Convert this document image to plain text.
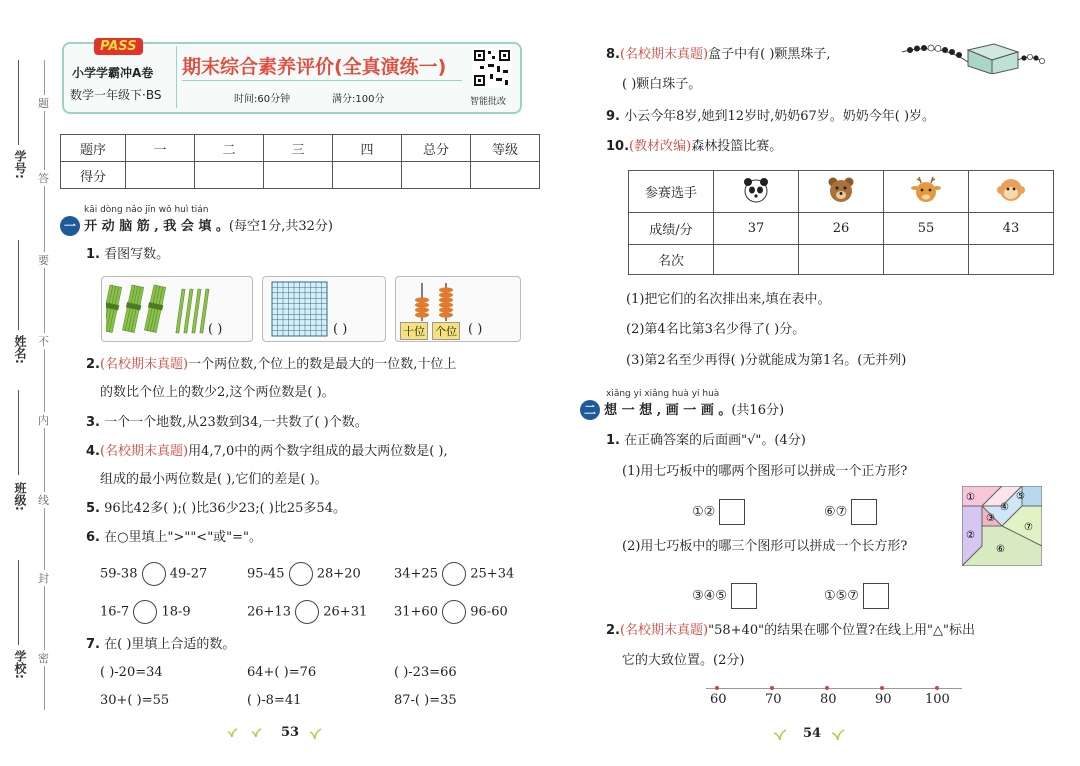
学号:
姓名:
班级:
学校:
题
答
要
不
内
线
封
密
PASS
小学学霸冲A卷
数学一年级下·BS
期末综合素养评价(全真演练一)
时间:60分钟	满分:100分	智能批改
题序	一	二	三	四	总分	等级
得分						
kāi dòng nǎo jīn wǒ huì tián
一 开 动 脑 筋 , 我 会 填 。(每空1分,共32分)
1. 看图写数。
( )	( )	十位 个位 ( )
2.(名校期末真题)一个两位数,个位上的数是最大的一位数,十位上
的数比个位上的数少2,这个两位数是( )。
3. 一个一个地数,从23数到34,一共数了( )个数。
4.(名校期末真题)用4,7,0中的两个数字组成的最大两位数是( ),
组成的最小两位数是( ),它们的差是( )。
5. 96比42多( );( )比36少23;( )比25多54。
6. 在○里填上">""<"或"="。
59-38 49-27	95-45 28+20	34+25 25+34
16-7 18-9	26+13 26+31 31+60 96-60
7. 在( )里填上合适的数。
( )-20=34	64+( )=76	( )-23=66
30+( )=55	( )-8=41	87-( )=35
53
8.(名校期末真题)盒子中有( )颗黑珠子,
( )颗白珠子。
9. 小云今年8岁,她到12岁时,奶奶67岁。奶奶今年( )岁。
10.(教材改编)森林投篮比赛。
参赛选手				
成绩/分	37	26	55	43
名次				
(1)把它们的名次排出来,填在表中。
(2)第4名比第3名少得了( )分。
(3)第2名至少再得( )分就能成为第1名。(无并列)
xiǎng yi xiǎng huà yi huà
二 想 一 想 , 画 一 画 。(共16分)
1. 在正确答案的后面画"√"。(4分)
(1)用七巧板中的哪两个图形可以拼成一个正方形?
①②	⑥⑦
(2)用七巧板中的哪三个图形可以拼成一个长方形?
③④⑤	①⑤⑦
①
②
③
④
⑤
⑥
⑦
2.(名校期末真题)"58+40"的结果在哪个位置?在线上用"△"标出
它的大致位置。(2分)
60	70	80	90	100
54
